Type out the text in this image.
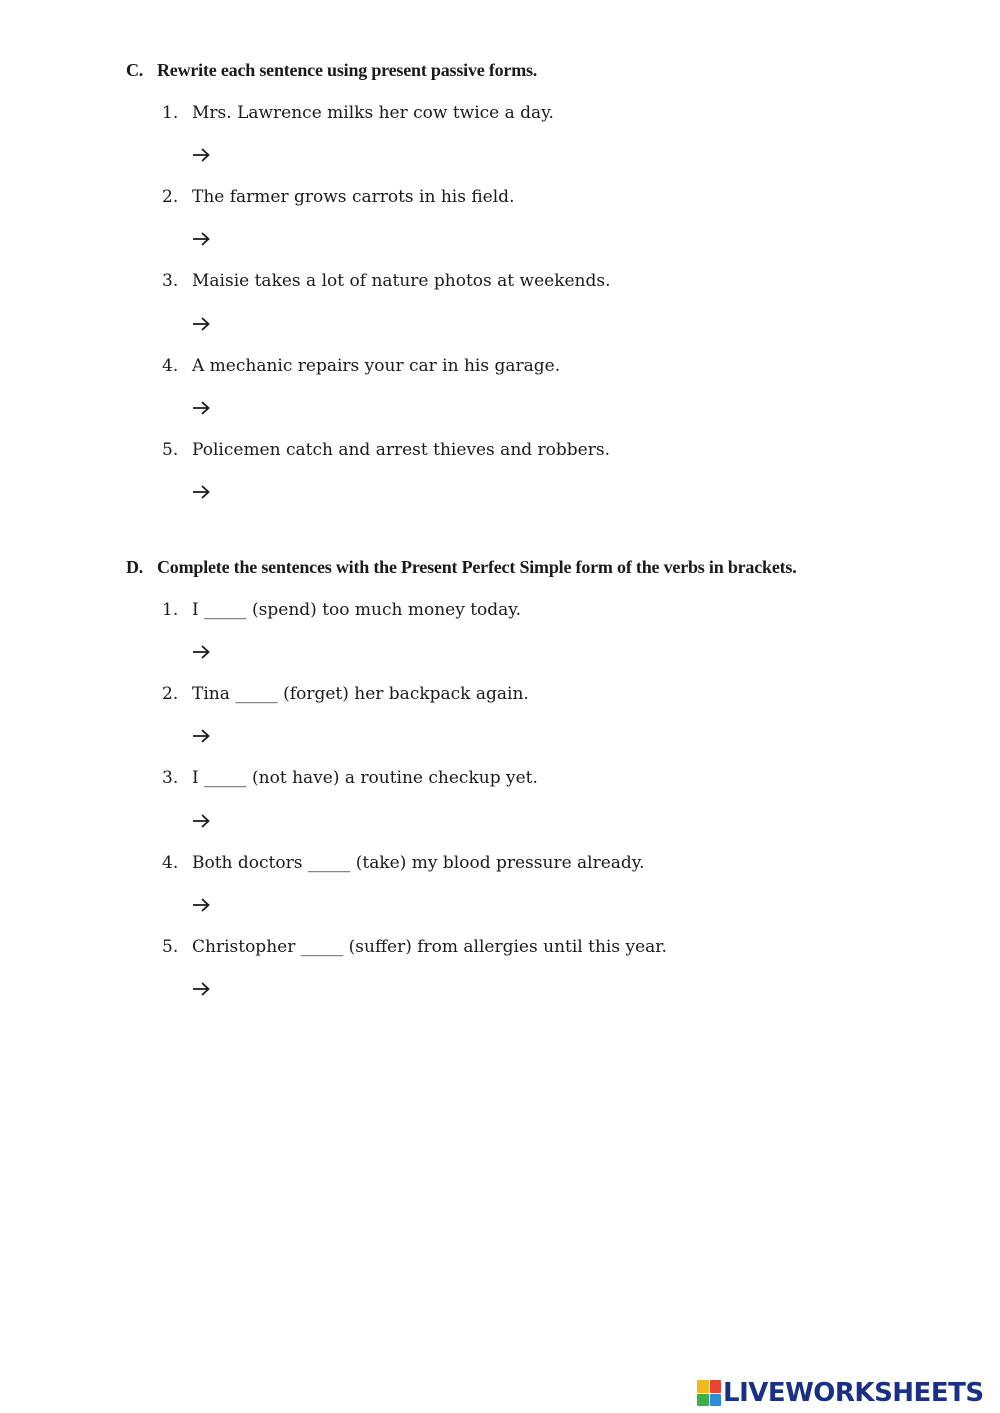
C. Rewrite each sentence using present passive forms.
1. Mrs. Lawrence milks her cow twice a day.
2. The farmer grows carrots in his field.
3. Maisie takes a lot of nature photos at weekends.
4. A mechanic repairs your car in his garage.
5. Policemen catch and arrest thieves and robbers.
D. Complete the sentences with the Present Perfect Simple form of the verbs in brackets.
1. I _____ (spend) too much money today.
2. Tina _____ (forget) her backpack again.
3. I _____ (not have) a routine checkup yet.
4. Both doctors _____ (take) my blood pressure already.
5. Christopher _____ (suffer) from allergies until this year.
LIVEWORKSHEETS
